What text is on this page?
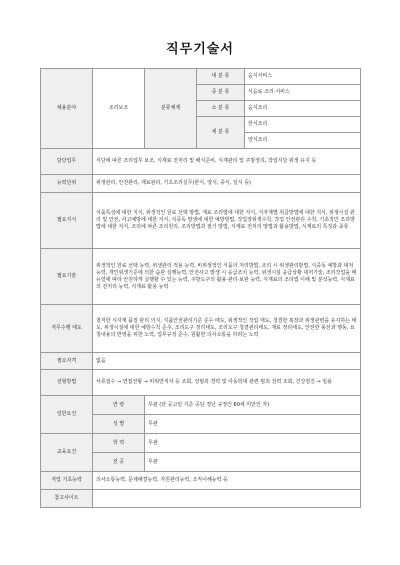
직무기술서
채용분야	조리보조	분류체계	대 분 류	음식서비스
			중 분 류	식음료 조리·서비스
			소 분 류	음식조리
			세 분 류	한식조리
				양식조리
담당업무	식단에 따른 조리업무 보조, 식재료 전처리 및 배식준비, 식재관리 및 주방정리, 작업식당 위생 유지 등			
능력단위	위생관리, 안전관리, 재료관리, 기초조리실무(한식, 양식, 중식, 일식 등)			
필요지식	식품특성에 대한 지식, 위생적인 원료 선택 방법, 재료 조리법에 대한 지식, 식자재별 취급방법에 대한 지식, 위생시설 관리 및 안전, 사고예방에 대한 지식, 식중독 발생에 대한 예방방법, 작업장위생수칙, 작업 안전관리 수칙, 기초적인 조리방법에 대한 지식, 조리에 따른 조리원리, 조리방법과 절기 방법, 식재료 전처리 방법과 활용방법, 식재료의 특징과 종류			
필요기술	위생적인 원료 선택 능력, 위생관리 적용 능력, 비위생적인 식품의 처리방법, 조리 시 위생관리방법, 식중독 예방과 대처 능력, 개인위생기준에 의한 습관 실행능력, 안전사고 발생 시 응급조치 능력, 위생시설 응급상황 대처기술, 조리작업을 매뉴얼에 따라 안전하게 실행할 수 있는 능력, 주방도구의 활용·관리·보관 능력, 식재료의 조리법 이해 및 분석능력, 식재료의 전처리 능력, 식재료 활용 능력			
직무수행 태도	철저한 식자재 품질 관리 의지, 식품안전관리기준 준수 태도, 위생적인 작업 태도, 청결한 복장과 위생관련을 유지하는 태도, 위생시설에 대한 예방수칙 준수, 조리도구 정리태도, 조리도구 청결관리태도, 재료 정리태도, 안전한 동선과 행동, 요청내용의 반영을 위한 노력, 업무규정 준수, 원활한 의사소통을 하려는 노력			
필요자격	없음			
전형방법	서류접수 → 면접전형 → 비위면직자 등 조회, 성범죄 경력 및 아동학대 관련 범죄 전력 조회, 건강검진 → 임용			
일반요건	연 령	무관 (단 공고일 기준 공단 정년 규정인 60세 미만인 자)		
	성 별	무관		
교육요건	학 력	무관		
	전 공	무관		
직업 기초능력	의사소통능력, 문제해결능력, 자원관리능력, 조직이해능력 등			
참고사이트				
